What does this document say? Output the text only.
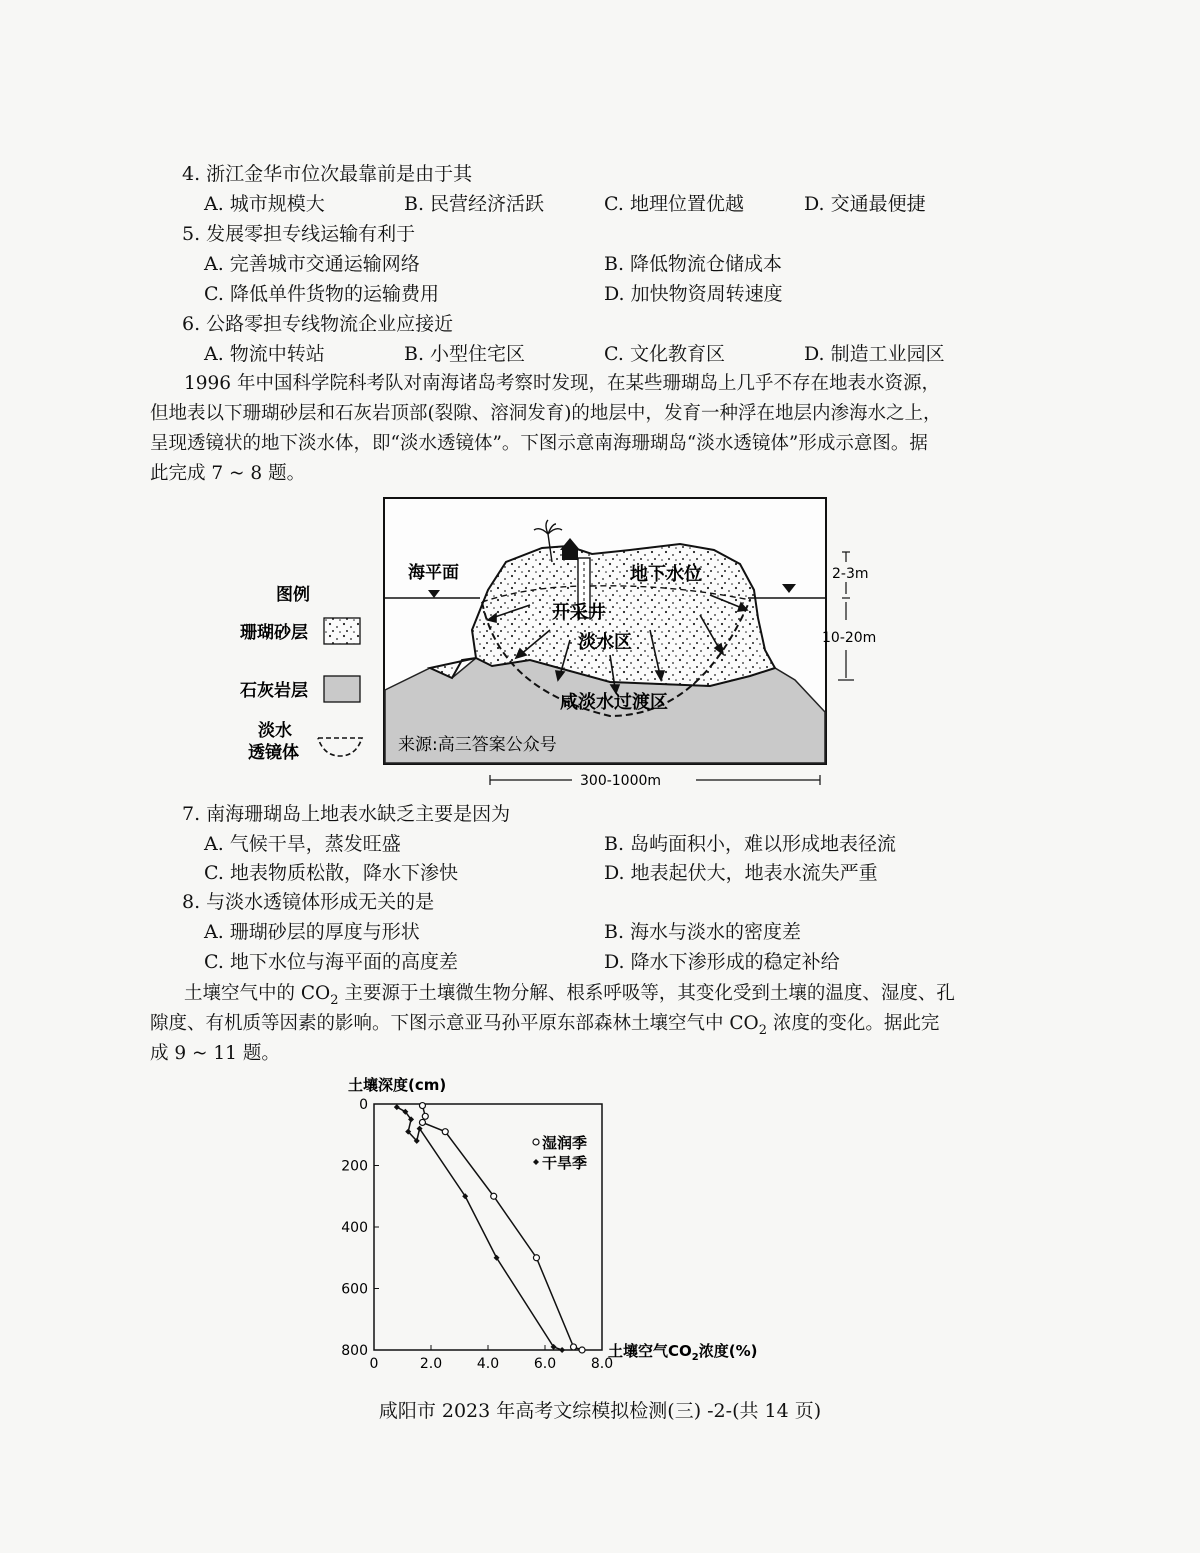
4. 浙江金华市位次最靠前是由于其
A. 城市规模大	B. 民营经济活跃	C. 地理位置优越	D. 交通最便捷
5. 发展零担专线运输有利于
A. 完善城市交通运输网络	B. 降低物流仓储成本
C. 降低单件货物的运输费用	D. 加快物资周转速度
6. 公路零担专线物流企业应接近
A. 物流中转站	B. 小型住宅区	C. 文化教育区	D. 制造工业园区
1996 年中国科学院科考队对南海诸岛考察时发现，在某些珊瑚岛上几乎不存在地表水资源，
但地表以下珊瑚砂层和石灰岩顶部(裂隙、溶洞发育)的地层中，发育一种浮在地层内渗海水之上，
呈现透镜状的地下淡水体，即“淡水透镜体”。下图示意南海珊瑚岛“淡水透镜体”形成示意图。据
此完成 7 ~ 8 题。
海平面	地下水位
开采井
淡水区
咸淡水过渡区
来源:高三答案公众号
2-3m
10-20m
300-1000m
图例
珊瑚砂层
石灰岩层
淡水
透镜体
7. 南海珊瑚岛上地表水缺乏主要是因为
A. 气候干旱，蒸发旺盛	B. 岛屿面积小，难以形成地表径流
C. 地表物质松散，降水下渗快	D. 地表起伏大，地表水流失严重
8. 与淡水透镜体形成无关的是
A. 珊瑚砂层的厚度与形状	B. 海水与淡水的密度差
C. 地下水位与海平面的高度差	D. 降水下渗形成的稳定补给
土壤空气中的 $CO_2$ 主要源于土壤微生物分解、根系呼吸等，其变化受到土壤的温度、湿度、孔
隙度、有机质等因素的影响。下图示意亚马孙平原东部森林土壤空气中 $CO_2$ 浓度的变化。据此完
成 9 ~ 11 题。
土壤深度(cm)
土壤空气$CO_2$浓度(%)
0	2.0 4.0 6.0 8.0
0
200
400
600
800
湿润季
干旱季
咸阳市 2023 年高考文综模拟检测(三) -2-(共 14 页)
